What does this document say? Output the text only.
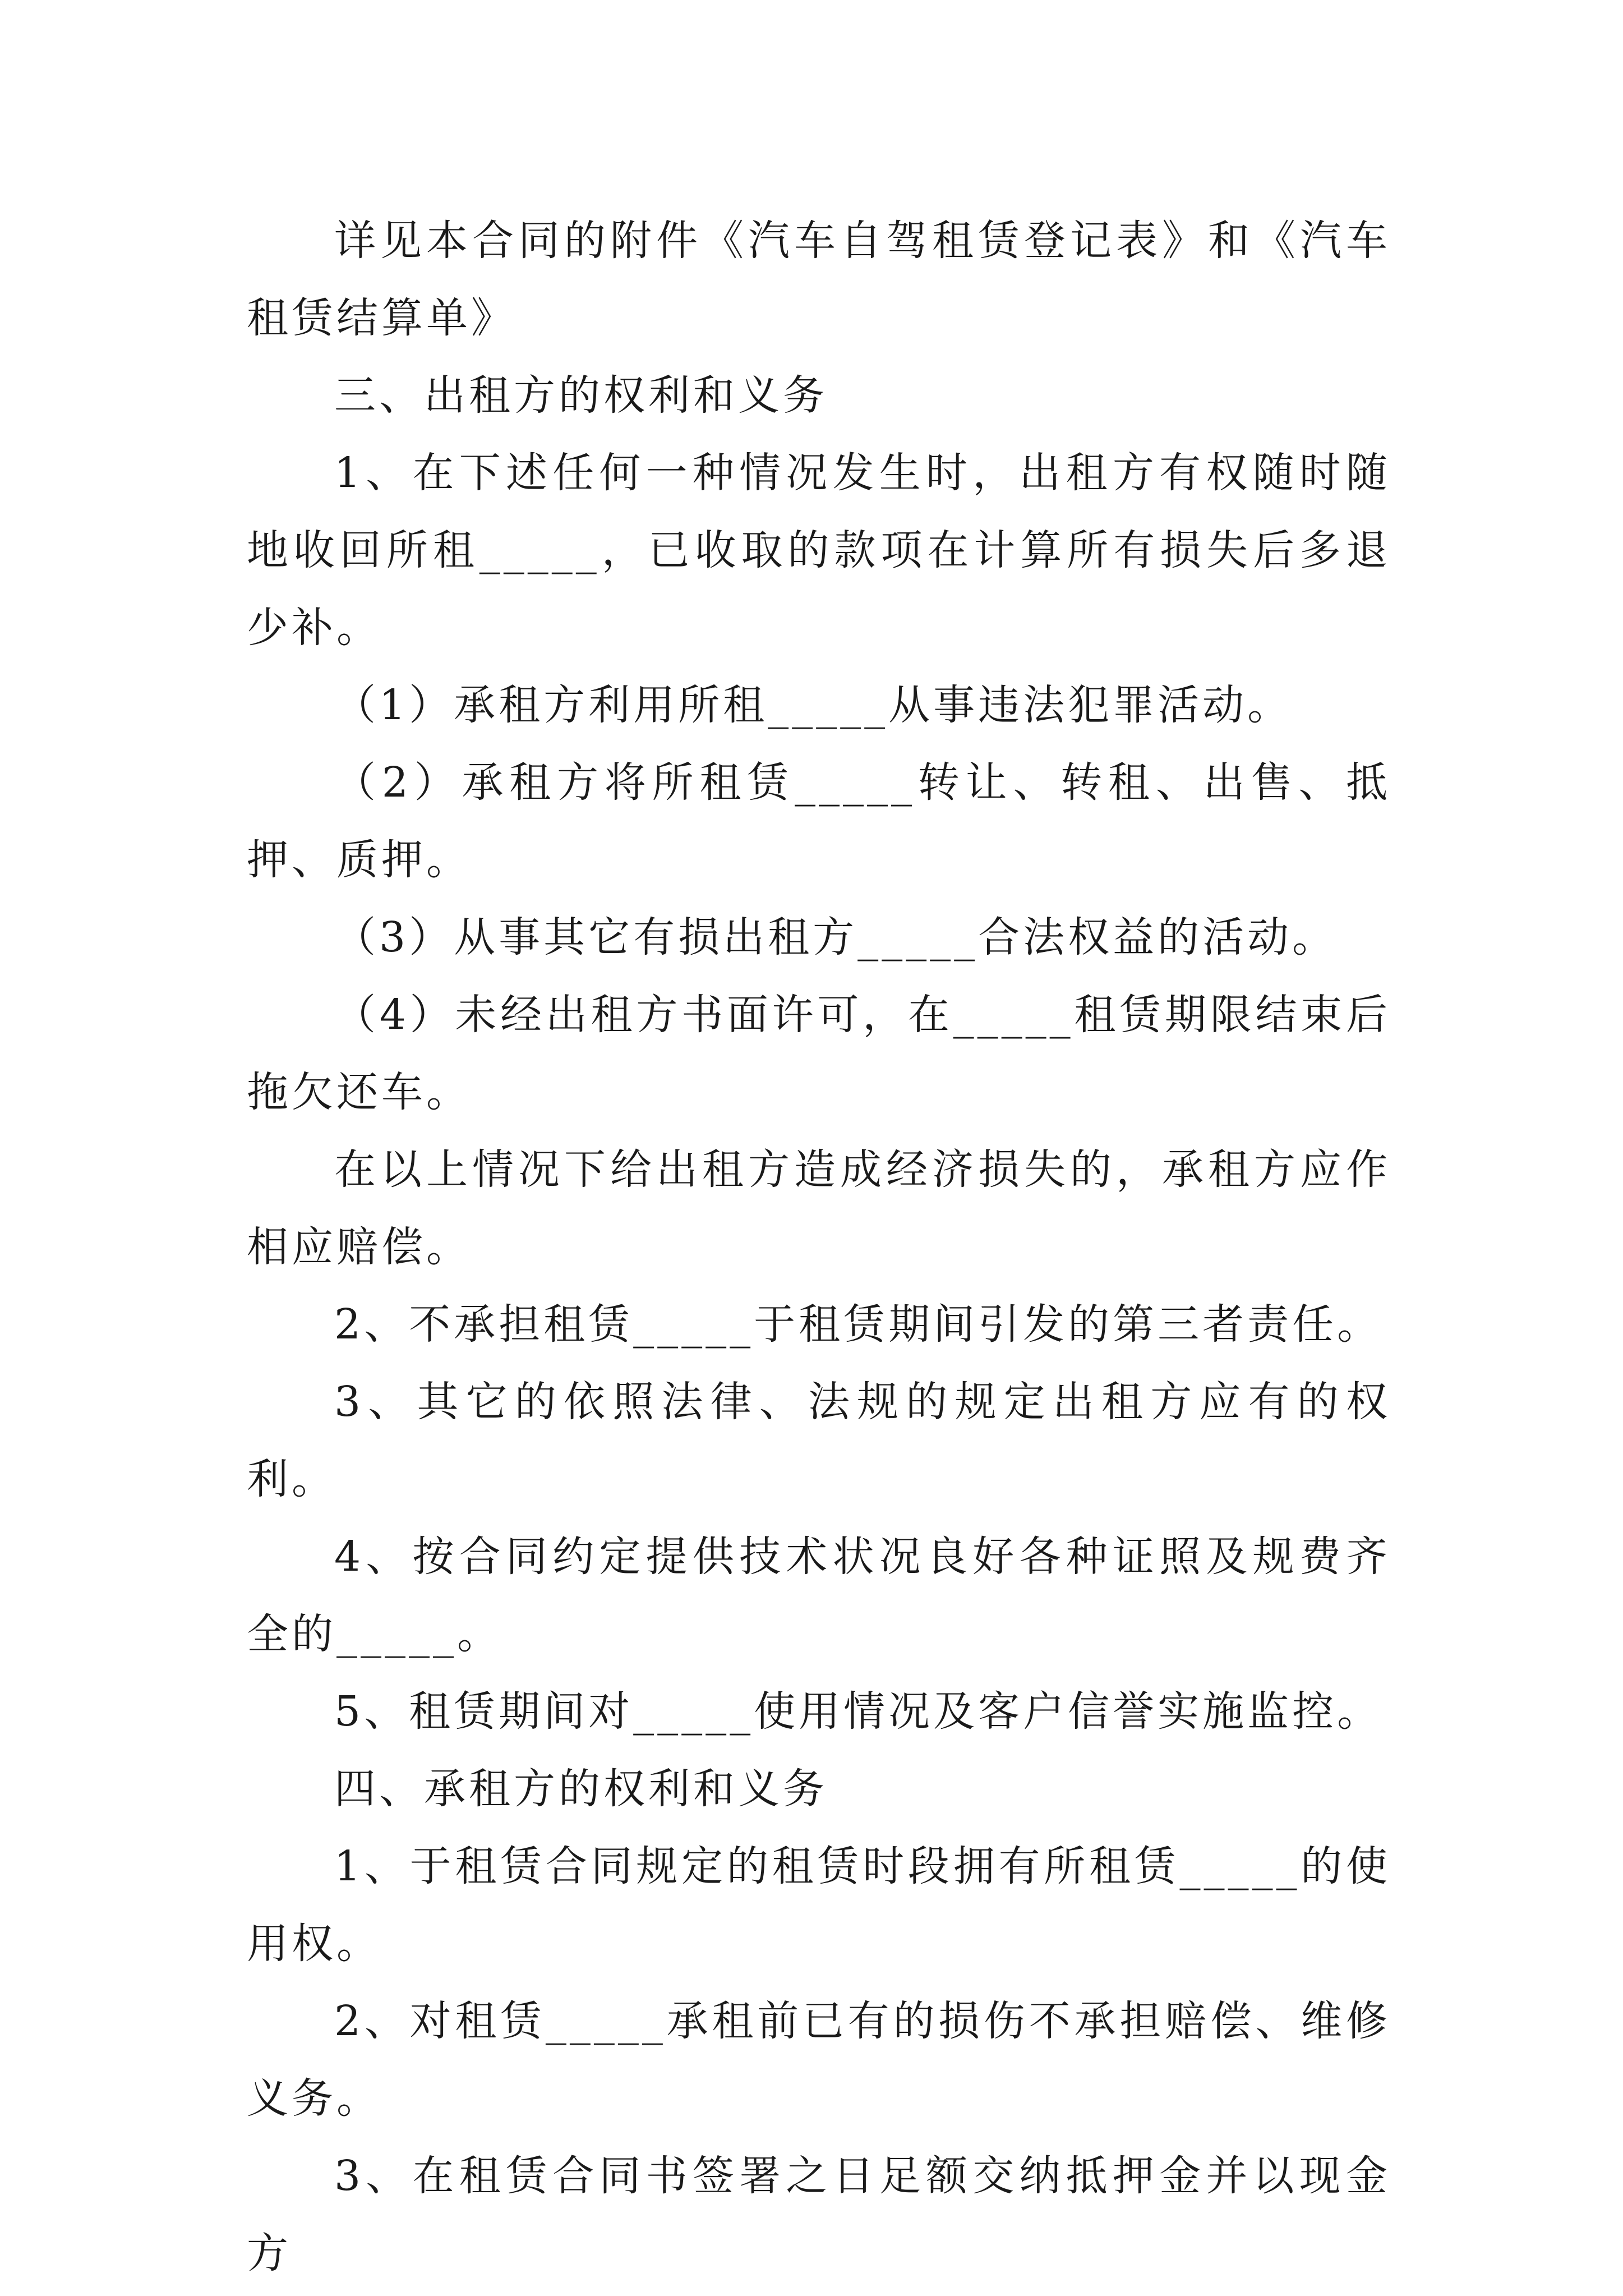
详见本合同的附件《汽车自驾租赁登记表》和《汽车租赁结算单》

三、出租方的权利和义务

1、在下述任何一种情况发生时，出租方有权随时随地收回所租_____，已收取的款项在计算所有损失后多退少补。

（1）承租方利用所租_____从事违法犯罪活动。

（2）承租方将所租赁_____转让、转租、出售、抵押、质押。

（3）从事其它有损出租方_____合法权益的活动。

（4）未经出租方书面许可，在_____租赁期限结束后拖欠还车。

在以上情况下给出租方造成经济损失的，承租方应作相应赔偿。

2、不承担租赁_____于租赁期间引发的第三者责任。

3、其它的依照法律、法规的规定出租方应有的权利。

4、按合同约定提供技术状况良好各种证照及规费齐全的_____。

5、租赁期间对_____使用情况及客户信誉实施监控。

四、承租方的权利和义务

1、于租赁合同规定的租赁时段拥有所租赁_____的使用权。

2、对租赁_____承租前已有的损伤不承担赔偿、维修义务。

3、在租赁合同书签署之日足额交纳抵押金并以现金方
